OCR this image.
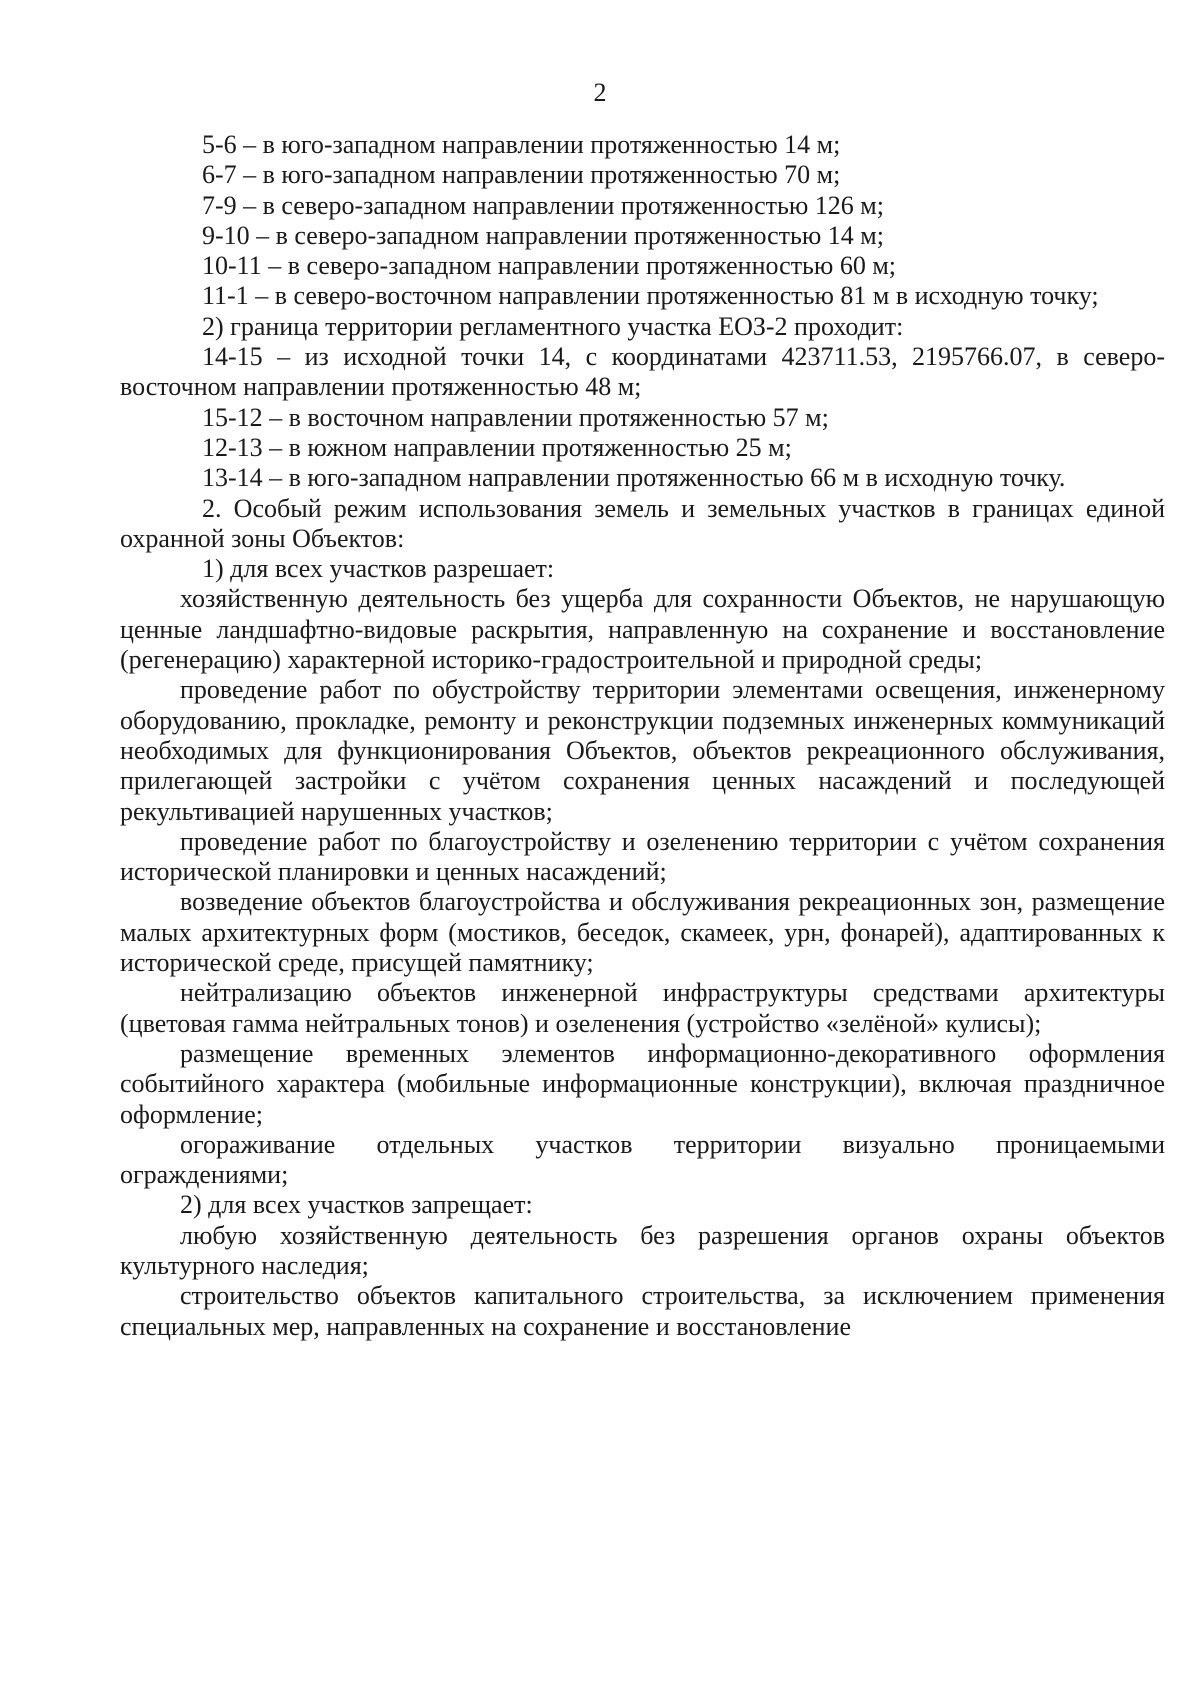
2

5-6 – в юго-западном направлении протяженностью 14 м;

6-7 – в юго-западном направлении протяженностью 70 м;

7-9 – в северо-западном направлении протяженностью 126 м;

9-10 – в северо-западном направлении протяженностью 14 м;

10-11 – в северо-западном направлении протяженностью 60 м;

11-1 – в северо-восточном направлении протяженностью 81 м в исходную точку;

2) граница территории регламентного участка ЕОЗ-2 проходит:

14-15 – из исходной точки 14, с координатами 423711.53, 2195766.07, в северо-восточном направлении протяженностью 48 м;

15-12 – в восточном направлении протяженностью 57 м;

12-13 – в южном направлении протяженностью 25 м;

13-14 – в юго-западном направлении протяженностью 66 м в исходную точку.

2. Особый режим использования земель и земельных участков в границах единой охранной зоны Объектов:

1) для всех участков разрешает:

хозяйственную деятельность без ущерба для сохранности Объектов, не нарушающую ценные ландшафтно-видовые раскрытия, направленную на сохранение и восстановление (регенерацию) характерной историко-градостроительной и природной среды;

проведение работ по обустройству территории элементами освещения, инженерному оборудованию, прокладке, ремонту и реконструкции подземных инженерных коммуникаций необходимых для функционирования Объектов, объектов рекреационного обслуживания, прилегающей застройки с учётом сохранения ценных насаждений и последующей рекультивацией нарушенных участков;

проведение работ по благоустройству и озеленению территории с учётом сохранения исторической планировки и ценных насаждений;

возведение объектов благоустройства и обслуживания рекреационных зон, размещение малых архитектурных форм (мостиков, беседок, скамеек, урн, фонарей), адаптированных к исторической среде, присущей памятнику;

нейтрализацию объектов инженерной инфраструктуры средствами архитектуры (цветовая гамма нейтральных тонов) и озеленения (устройство «зелёной» кулисы);

размещение временных элементов информационно-декоративного оформления событийного характера (мобильные информационные конструкции), включая праздничное оформление;

огораживание отдельных участков территории визуально проницаемыми ограждениями;

2) для всех участков запрещает:

любую хозяйственную деятельность без разрешения органов охраны объектов культурного наследия;

строительство объектов капитального строительства, за исключением применения специальных мер, направленных на сохранение и восстановление
